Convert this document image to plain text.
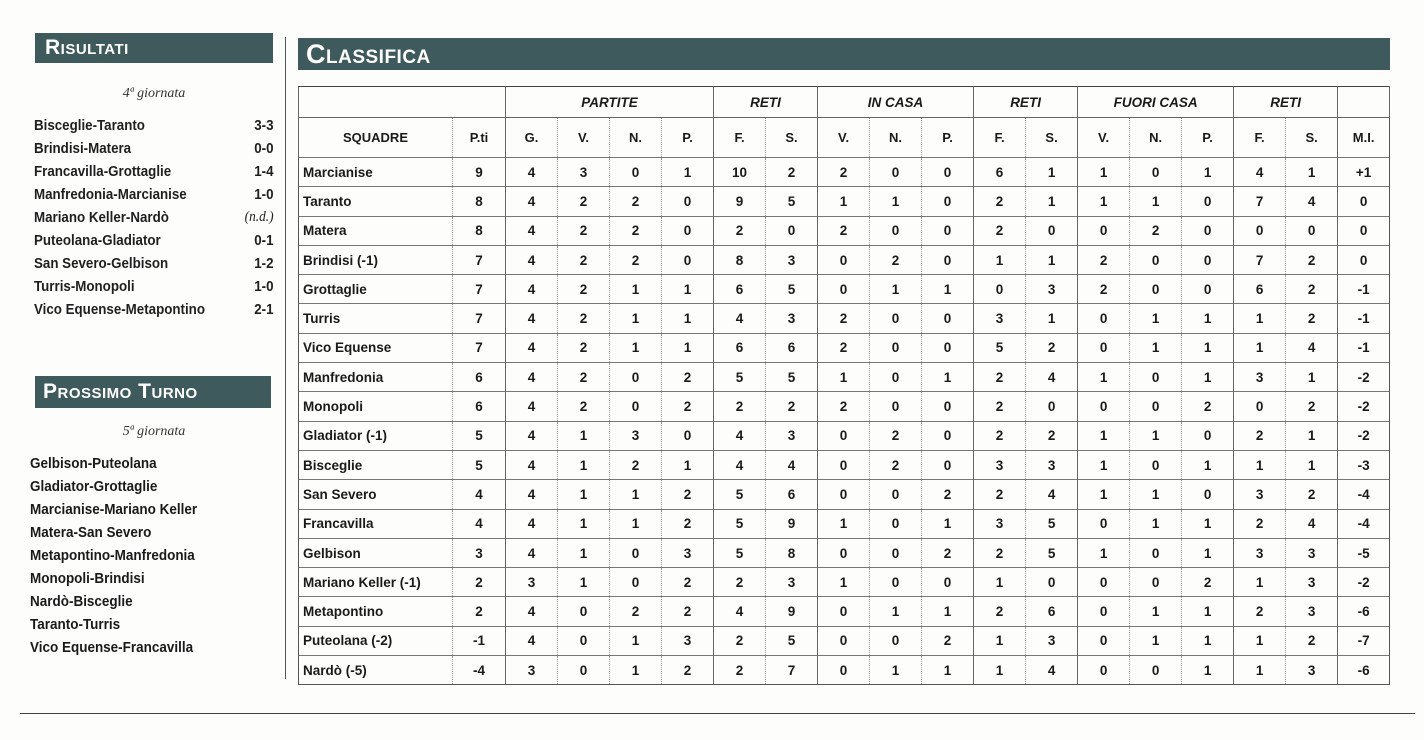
Risultati
4ª giornata
Bisceglie-Taranto	3-3
Brindisi-Matera	0-0
Francavilla-Grottaglie	1-4
Manfredonia-Marcianise	1-0
Mariano Keller-Nardò	(n.d.)
Puteolana-Gladiator	0-1
San Severo-Gelbison	1-2
Turris-Monopoli	1-0
Vico Equense-Metapontino	2-1
Prossimo Turno
5ª giornata
Gelbison-Puteolana
Gladiator-Grottaglie
Marcianise-Mariano Keller
Matera-San Severo
Metapontino-Manfredonia
Monopoli-Brindisi
Nardò-Bisceglie
Taranto-Turris
Vico Equense-Francavilla
Classifica
		PARTITE				RETI		IN CASA			RETI		FUORI CASA			RETI		
SQUADRE	P.ti	G.	V.	N.	P.	F.	S.	V.	N.	P.	F.	S.	V.	N.	P.	F.	S.	M.I.
Marcianise	9	4	3	0	1	10	2	2	0	0	6	1	1	0	1	4	1	+1
Taranto	8	4	2	2	0	9	5	1	1	0	2	1	1	1	0	7	4	0
Matera	8	4	2	2	0	2	0	2	0	0	2	0	0	2	0	0	0	0
Brindisi (-1)	7	4	2	2	0	8	3	0	2	0	1	1	2	0	0	7	2	0
Grottaglie	7	4	2	1	1	6	5	0	1	1	0	3	2	0	0	6	2	-1
Turris	7	4	2	1	1	4	3	2	0	0	3	1	0	1	1	1	2	-1
Vico Equense	7	4	2	1	1	6	6	2	0	0	5	2	0	1	1	1	4	-1
Manfredonia	6	4	2	0	2	5	5	1	0	1	2	4	1	0	1	3	1	-2
Monopoli	6	4	2	0	2	2	2	2	0	0	2	0	0	0	2	0	2	-2
Gladiator (-1)	5	4	1	3	0	4	3	0	2	0	2	2	1	1	0	2	1	-2
Bisceglie	5	4	1	2	1	4	4	0	2	0	3	3	1	0	1	1	1	-3
San Severo	4	4	1	1	2	5	6	0	0	2	2	4	1	1	0	3	2	-4
Francavilla	4	4	1	1	2	5	9	1	0	1	3	5	0	1	1	2	4	-4
Gelbison	3	4	1	0	3	5	8	0	0	2	2	5	1	0	1	3	3	-5
Mariano Keller (-1)	2	3	1	0	2	2	3	1	0	0	1	0	0	0	2	1	3	-2
Metapontino	2	4	0	2	2	4	9	0	1	1	2	6	0	1	1	2	3	-6
Puteolana (-2)	-1	4	0	1	3	2	5	0	0	2	1	3	0	1	1	1	2	-7
Nardò (-5)	-4	3	0	1	2	2	7	0	1	1	1	4	0	0	1	1	3	-6
